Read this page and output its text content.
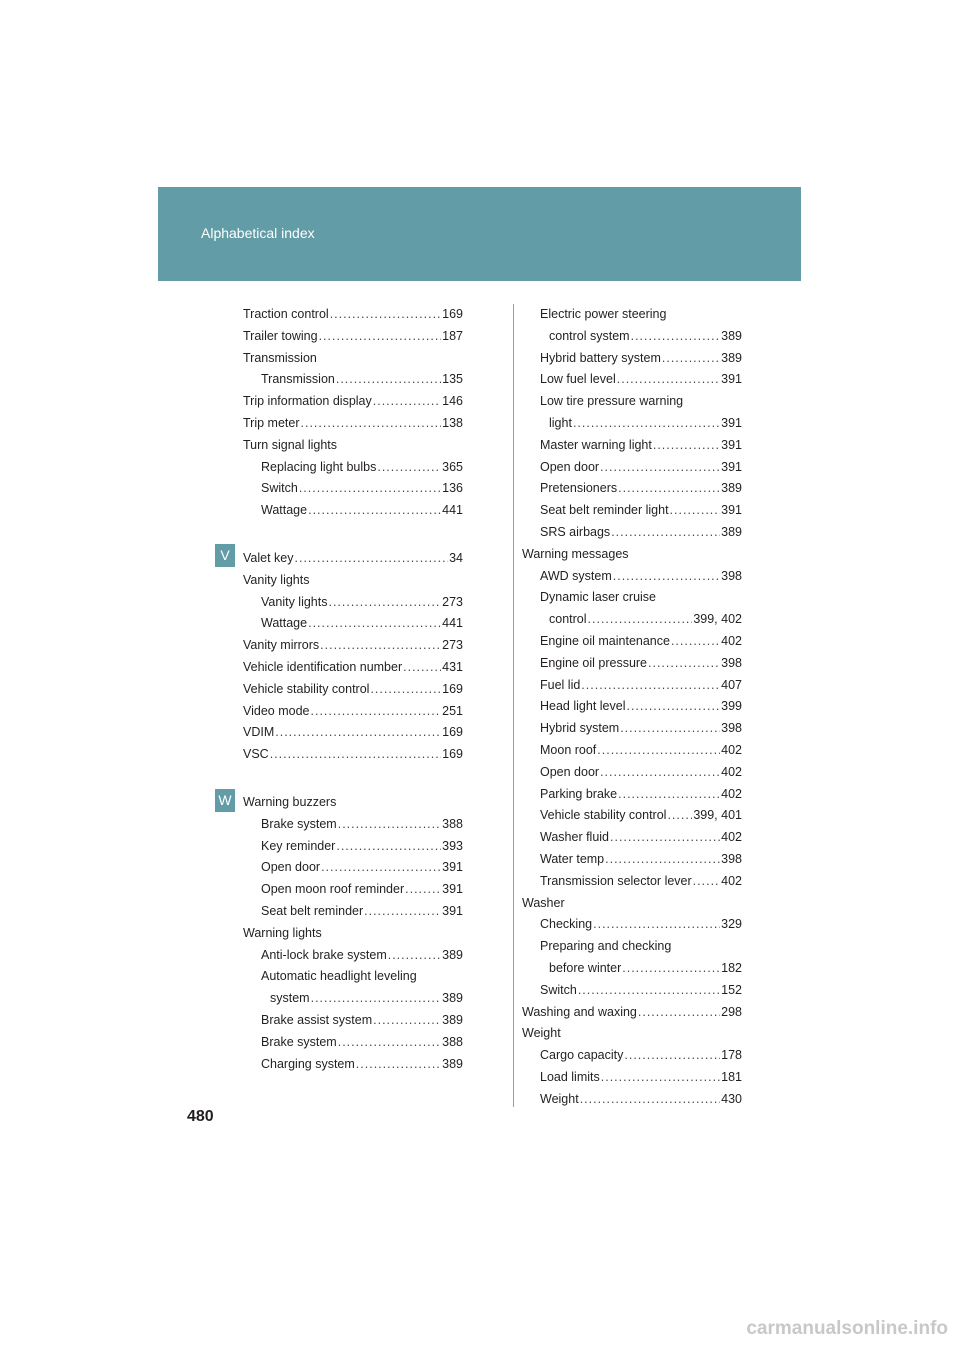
Alphabetical index
V
W
Traction control .....	169
Trailer towing .....	187
Transmission
Transmission .....	135
Trip information display .....	146
Trip meter .....	138
Turn signal lights
Replacing light bulbs .....	365
Switch .....	136
Wattage .....	441
Valet key .....	34
Vanity lights
Vanity lights .....	273
Wattage .....	441
Vanity mirrors .....	273
Vehicle identification number .....	431
Vehicle stability control .....	169
Video mode .....	251
VDIM .....	169
VSC .....	169
Warning buzzers
Brake system .....	388
Key reminder .....	393
Open door .....	391
Open moon roof reminder .....	391
Seat belt reminder .....	391
Warning lights
Anti-lock brake system .....	389
Automatic headlight leveling
system .....	389
Brake assist system .....	389
Brake system .....	388
Charging system .....	389
Electric power steering
control system .....	389
Hybrid battery system .....	389
Low fuel level .....	391
Low tire pressure warning
light .....	391
Master warning light .....	391
Open door .....	391
Pretensioners .....	389
Seat belt reminder light .....	391
SRS airbags .....	389
Warning messages
AWD system .....	398
Dynamic laser cruise
control .....	399, 402
Engine oil maintenance .....	402
Engine oil pressure .....	398
Fuel lid .....	407
Head light level .....	399
Hybrid system .....	398
Moon roof .....	402
Open door .....	402
Parking brake .....	402
Vehicle stability control ..... 399, 401
Washer fluid .....	402
Water temp .....	398
Transmission selector lever ..... 402
Washer
Checking .....	329
Preparing and checking
before winter .....	182
Switch .....	152
Washing and waxing .....	298
Weight
Cargo capacity .....	178
Load limits .....	181
Weight .....	430
480
carmanualsonline.info
